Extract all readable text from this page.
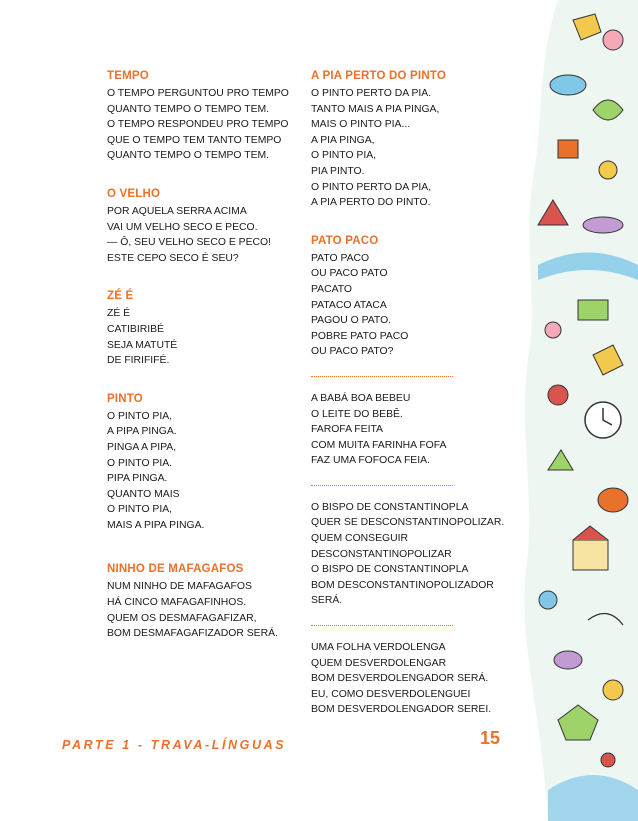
TEMPO
O TEMPO PERGUNTOU PRO TEMPO
QUANTO TEMPO O TEMPO TEM.
O TEMPO RESPONDEU PRO TEMPO
QUE O TEMPO TEM TANTO TEMPO
QUANTO TEMPO O TEMPO TEM.
O VELHO
POR AQUELA SERRA ACIMA
VAI UM VELHO SECO E PECO.
— Ô, SEU VELHO SECO E PECO!
ESTE CEPO SECO É SEU?
ZÉ É
ZÉ É
CATIBIRIBÉ
SEJA MATUTÉ
DE FIRIFIFÉ.
PINTO
O PINTO PIA,
A PIPA PINGA.
PINGA A PIPA,
O PINTO PIA.
PIPA PINGA.
QUANTO MAIS
O PINTO PIA,
MAIS A PIPA PINGA.
NINHO DE MAFAGAFOS
NUM NINHO DE MAFAGAFOS
HÁ CINCO MAFAGAFINHOS.
QUEM OS DESMAFAGAFIZAR,
BOM DESMAFAGAFIZADOR SERÁ.
A PIA PERTO DO PINTO
O PINTO PERTO DA PIA.
TANTO MAIS A PIA PINGA,
MAIS O PINTO PIA...
A PIA PINGA,
O PINTO PIA,
PIA PINTO.
O PINTO PERTO DA PIA,
A PIA PERTO DO PINTO.
PATO PACO
PATO PACO
OU PACO PATO
PACATO
PATACO ATACA
PAGOU O PATO.
POBRE PATO PACO
OU PACO PATO?
A BABÁ BOA BEBEU
O LEITE DO BEBÊ.
FAROFA FEITA
COM MUITA FARINHA FOFA
FAZ UMA FOFOCA FEIA.
O BISPO DE CONSTANTINOPLA
QUER SE DESCONSTANTINOPOLIZAR.
QUEM CONSEGUIR
DESCONSTANTINOPOLIZAR
O BISPO DE CONSTANTINOPLA
BOM DESCONSTANTINOPOLIZADOR
SERÁ.
UMA FOLHA VERDOLENGA
QUEM DESVERDOLENGAR
BOM DESVERDOLENGADOR SERÁ.
EU, COMO DESVERDOLENGUEI
BOM DESVERDOLENGADOR SEREI.
PARTE 1 - TRAVA-LÍNGUAS	15
